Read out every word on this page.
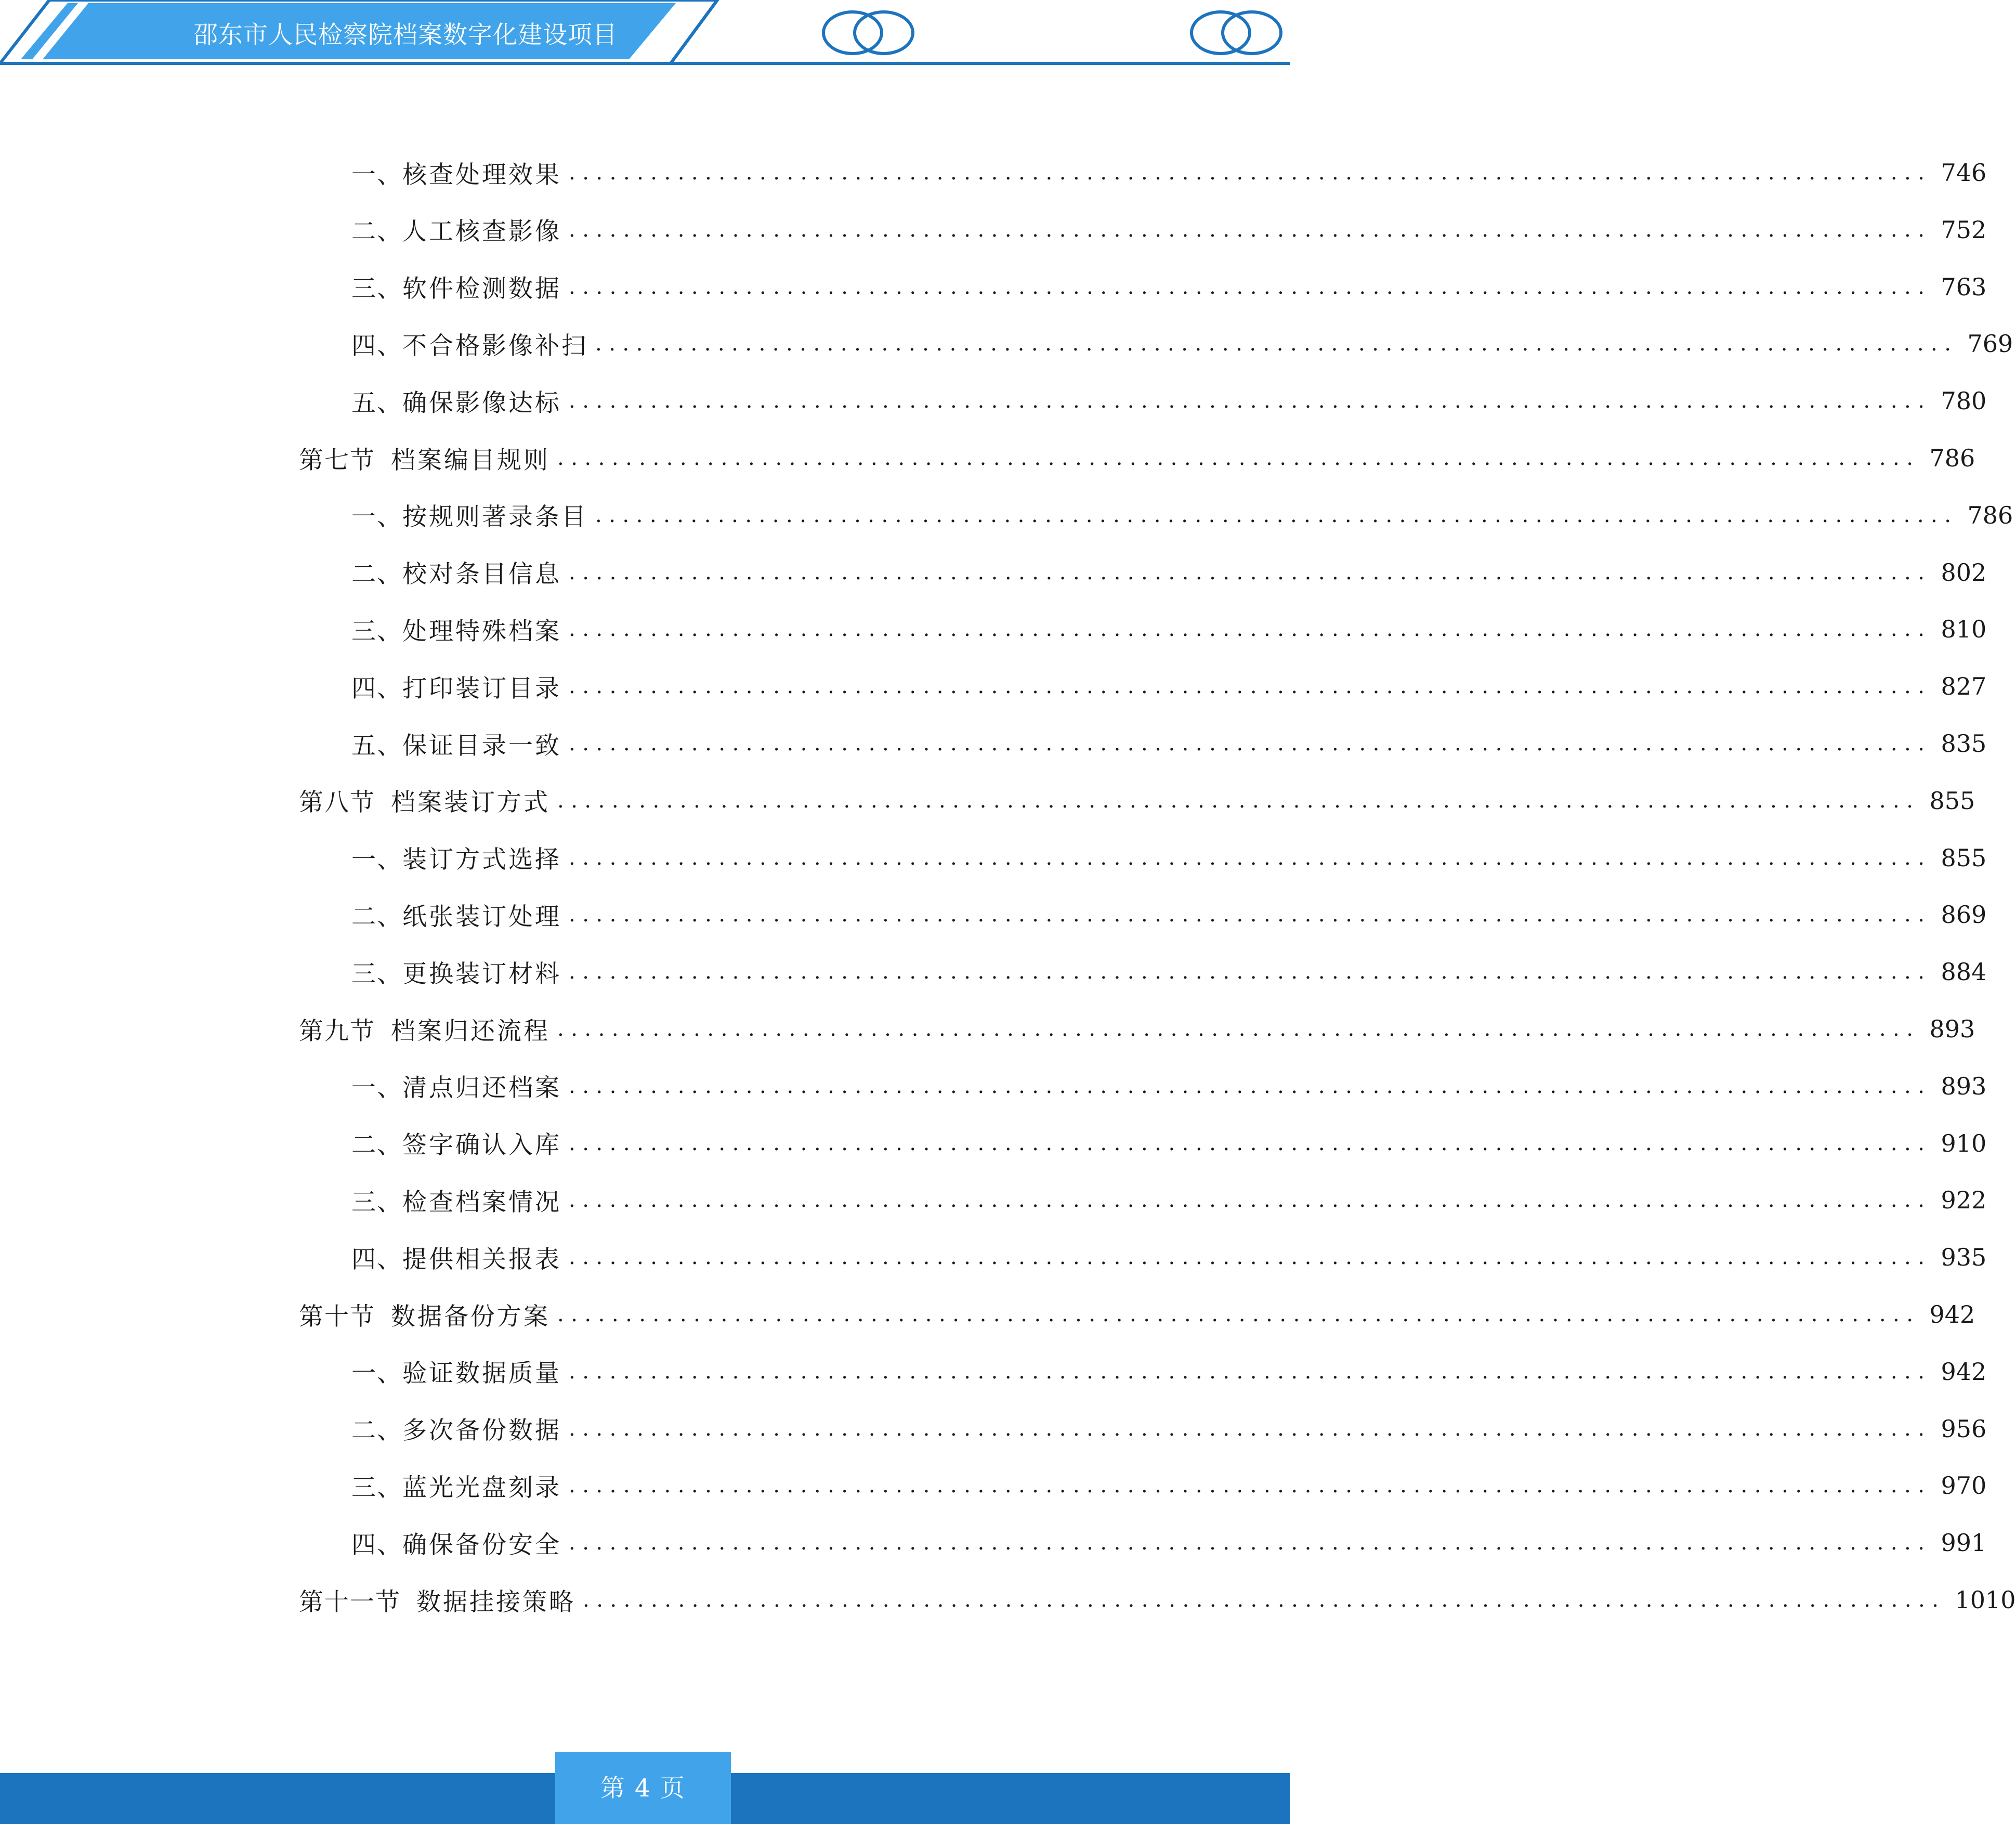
邵东市人民检察院档案数字化建设项目
一、 核查处理效果 .................................................................................................... 746
二、 人工核查影像 .................................................................................................... 752
三、 软件检测数据 .................................................................................................... 763
四、 不合格影像补扫 .................................................................................................... 769
五、 确保影像达标 .................................................................................................... 780
第七节 档案编目规则 .................................................................................................... 786
一、 按规则著录条目 .................................................................................................... 786
二、 校对条目信息 .................................................................................................... 802
三、 处理特殊档案 .................................................................................................... 810
四、 打印装订目录 .................................................................................................... 827
五、 保证目录一致 .................................................................................................... 835
第八节 档案装订方式 .................................................................................................... 855
一、 装订方式选择 .................................................................................................... 855
二、 纸张装订处理 .................................................................................................... 869
三、 更换装订材料 .................................................................................................... 884
第九节 档案归还流程 .................................................................................................... 893
一、 清点归还档案 .................................................................................................... 893
二、 签字确认入库 .................................................................................................... 910
三、 检查档案情况 .................................................................................................... 922
四、 提供相关报表 .................................................................................................... 935
第十节 数据备份方案 .................................................................................................... 942
一、 验证数据质量 .................................................................................................... 942
二、 多次备份数据 .................................................................................................... 956
三、 蓝光光盘刻录 .................................................................................................... 970
四、 确保备份安全 .................................................................................................... 991
第十一节 数据挂接策略 .................................................................................................... 1010
第 4 页
